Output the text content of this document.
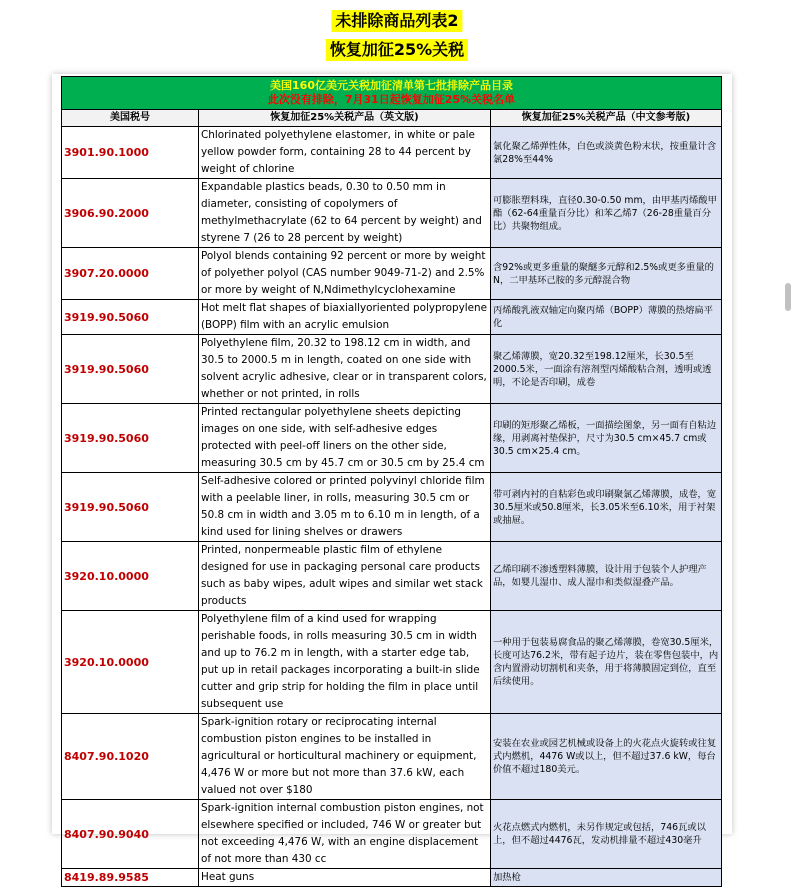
未排除商品列表2
恢复加征25%关税
美国160亿美元关税加征清单第七批排除产品目录
此次没有排除，7月31日起恢复加征25%关税名单		

美国税号	恢复加征25%关税产品（英文版)	恢复加征25%关税产品（中文参考版)
3901.90.1000	Chlorinated polyethylene elastomer, in white or pale yellow powder form, containing 28 to 44 percent by weight of chlorine	氯化聚乙烯弹性体，白色或淡黄色粉末状，按重量计含氯28%至44%
3906.90.2000	Expandable plastics beads, 0.30 to 0.50 mm in diameter, consisting of copolymers of methylmethacrylate (62 to 64 percent by weight) and styrene 7 (26 to 28 percent by weight)	可膨胀塑料珠，直径0.30-0.50 mm，由甲基丙烯酸甲酯（62-64重量百分比）和苯乙烯7（26-28重量百分比）共聚物组成。
3907.20.0000	Polyol blends containing 92 percent or more by weight of polyether polyol (CAS number 9049-71-2) and 2.5% or more by weight of N,Ndimethylcyclohexamine	含92%或更多重量的聚醚多元醇和2.5%或更多重量的N，二甲基环己胺的多元醇混合物
3919.90.5060	Hot melt flat shapes of biaxiallyoriented polypropylene (BOPP) film with an acrylic emulsion	丙烯酸乳液双轴定向聚丙烯（BOPP）薄膜的热熔扁平化
3919.90.5060	Polyethylene film, 20.32 to 198.12 cm in width, and 30.5 to 2000.5 m in length, coated on one side with solvent acrylic adhesive, clear or in transparent colors, whether or not printed, in rolls	聚乙烯薄膜，宽20.32至198.12厘米，长30.5至2000.5米，一面涂有溶剂型丙烯酸粘合剂，透明或透明，不论是否印刷，成卷
3919.90.5060	Printed rectangular polyethylene sheets depicting images on one side, with self-adhesive edges protected with peel-off liners on the other side, measuring 30.5 cm by 45.7 cm or 30.5 cm by 25.4 cm	印刷的矩形聚乙烯板，一面描绘图象，另一面有自粘边缘，用剥离衬垫保护，尺寸为30.5 cm×45.7 cm或30.5 cm×25.4 cm。
3919.90.5060	Self-adhesive colored or printed polyvinyl chloride film with a peelable liner, in rolls, measuring 30.5 cm or 50.8 cm in width and 3.05 m to 6.10 m in length, of a kind used for lining shelves or drawers	带可剥内衬的自粘彩色或印刷聚氯乙烯薄膜，成卷，宽30.5厘米或50.8厘米，长3.05米至6.10米，用于衬架或抽屉。
3920.10.0000	Printed, nonpermeable plastic film of ethylene designed for use in packaging personal care products such as baby wipes, adult wipes and similar wet stack products	乙烯印刷不渗透塑料薄膜，设计用于包装个人护理产品，如婴儿湿巾、成人湿巾和类似湿叠产品。
3920.10.0000	Polyethylene film of a kind used for wrapping perishable foods, in rolls measuring 30.5 cm in width and up to 76.2 m in length, with a starter edge tab, put up in retail packages incorporating a built-in slide cutter and grip strip for holding the film in place until subsequent use	一种用于包装易腐食品的聚乙烯薄膜，卷宽30.5厘米，长度可达76.2米，带有起子边片，装在零售包装中，内含内置滑动切割机和夹条，用于将薄膜固定到位，直至后续使用。
8407.90.1020	Spark-ignition rotary or reciprocating internal combustion piston engines to be installed in agricultural or horticultural machinery or equipment, 4,476 W or more but not more than 37.6 kW, each valued not over $180	安装在农业或园艺机械或设备上的火花点火旋转或往复式内燃机，4476 W或以上，但不超过37.6 kW，每台价值不超过180美元。
8407.90.9040	Spark-ignition internal combustion piston engines, not elsewhere specified or included, 746 W or greater but not exceeding 4,476 W, with an engine displacement of not more than 430 cc	火花点燃式内燃机，未另作规定或包括，746瓦或以上，但不超过4476瓦，发动机排量不超过430毫升
8419.89.9585	Heat guns	加热枪
